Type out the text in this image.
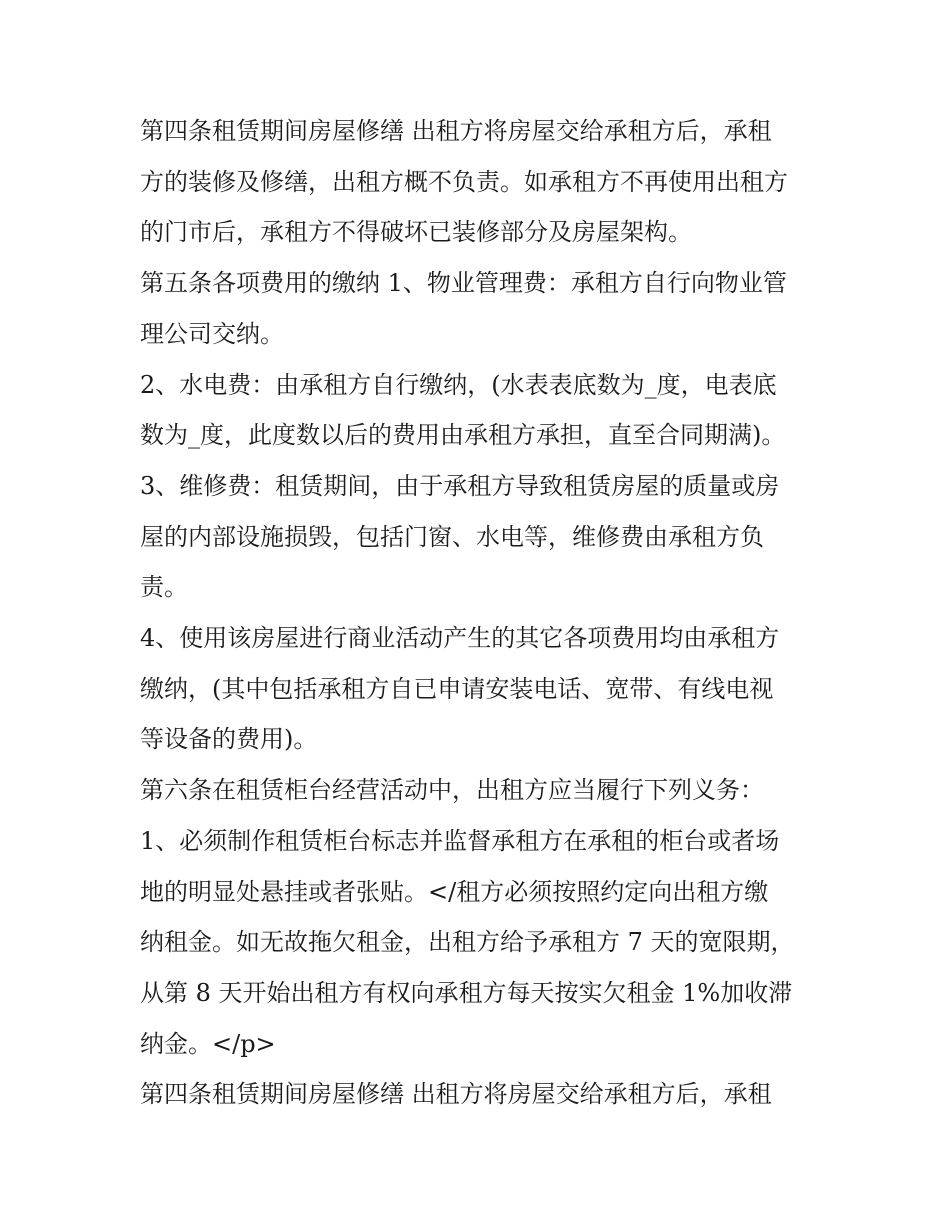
第四条租赁期间房屋修缮 出租方将房屋交给承租方后，承租
方的装修及修缮，出租方概不负责。如承租方不再使用出租方
的门市后，承租方不得破坏已装修部分及房屋架构。

第五条各项费用的缴纳 1、物业管理费：承租方自行向物业管
理公司交纳。

2、水电费：由承租方自行缴纳，(水表表底数为_度，电表底
数为_度，此度数以后的费用由承租方承担，直至合同期满)。

3、维修费：租赁期间，由于承租方导致租赁房屋的质量或房
屋的内部设施损毁，包括门窗、水电等，维修费由承租方负
责。

4、使用该房屋进行商业活动产生的其它各项费用均由承租方
缴纳，(其中包括承租方自已申请安装电话、宽带、有线电视
等设备的费用)。

第六条在租赁柜台经营活动中，出租方应当履行下列义务：

1、必须制作租赁柜台标志并监督承租方在承租的柜台或者场
地的明显处悬挂或者张贴。</租方必须按照约定向出租方缴
纳租金。如无故拖欠租金，出租方给予承租方 7 天的宽限期，
从第 8 天开始出租方有权向承租方每天按实欠租金 1%加收滞
纳金。</p>

第四条租赁期间房屋修缮 出租方将房屋交给承租方后，承租
